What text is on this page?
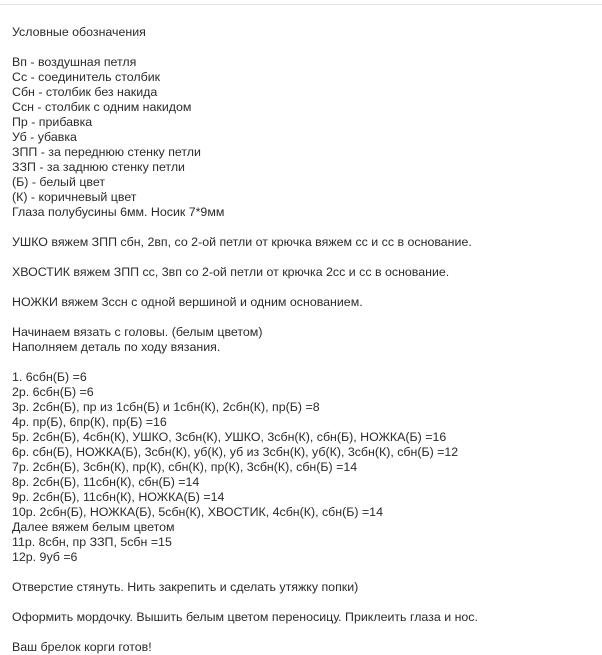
Условные обозначения
Вп - воздушная петля
Сс - соединитель столбик
Сбн - столбик без накида
Ссн - столбик с одним накидом
Пр - прибавка
Уб - убавка
ЗПП - за переднюю стенку петли
ЗЗП - за заднюю стенку петли
(Б) - белый цвет
(К) - коричневый цвет
Глаза полубусины 6мм. Носик 7*9мм
УШКО вяжем ЗПП сбн, 2вп, со 2-ой петли от крючка вяжем сс и сс в основание.
ХВОСТИК вяжем ЗПП сс, 3вп со 2-ой петли от крючка 2сс и сс в основание.
НОЖКИ вяжем 3ссн с одной вершиной и одним основанием.
Начинаем вязать с головы. (белым цветом)
Наполняем деталь по ходу вязания.
1. 6сбн(Б) =6
2р. 6сбн(Б) =6
3р. 2сбн(Б), пр из 1сбн(Б) и 1сбн(К), 2сбн(К), пр(Б) =8
4р. пр(Б), 6пр(К), пр(Б) =16
5р. 2сбн(Б), 4сбн(К), УШКО, 3сбн(К), УШКО, 3сбн(К), сбн(Б), НОЖКА(Б) =16
6р. сбн(Б), НОЖКА(Б), 3сбн(К), уб(К), уб из 3сбн(К), уб(К), 3сбн(К), сбн(Б) =12
7р. 2сбн(Б), 3сбн(К), пр(К), сбн(К), пр(К), 3сбн(К), сбн(Б) =14
8р. 2сбн(Б), 11сбн(К), сбн(Б) =14
9р. 2сбн(Б), 11сбн(К), НОЖКА(Б) =14
10р. 2сбн(Б), НОЖКА(Б), 5сбн(К), ХВОСТИК, 4сбн(К), сбн(Б) =14
Далее вяжем белым цветом
11р. 8сбн, пр ЗЗП, 5сбн =15
12р. 9уб =6
Отверстие стянуть. Нить закрепить и сделать утяжку попки)
Оформить мордочку. Вышить белым цветом переносицу. Приклеить глаза и нос.
Ваш брелок корги готов!
